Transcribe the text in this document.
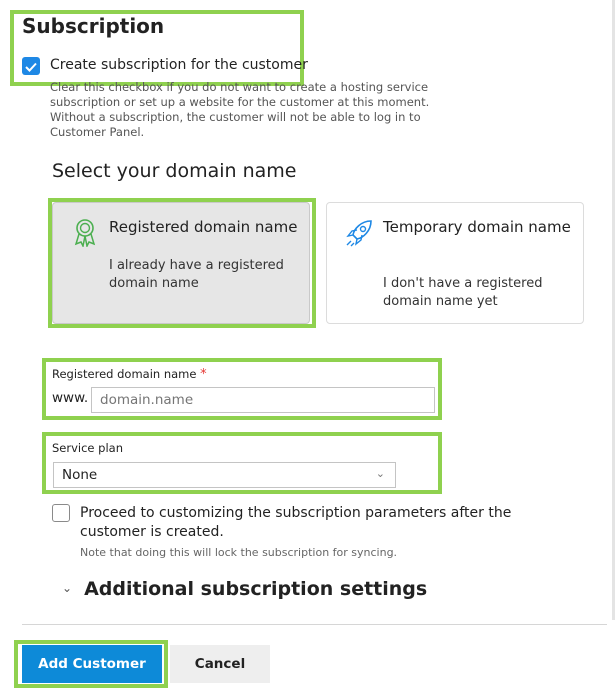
Subscription
Create subscription for the customer
Clear this checkbox if you do not want to create a hosting service subscription or set up a website for the customer at this moment. Without a subscription, the customer will not be able to log in to Customer Panel.
Select your domain name
Registered domain name
I already have a registered domain name
Temporary domain name
I don't have a registered domain name yet
Registered domain name *
www.
domain.name
Service plan
None	⌄
Proceed to customizing the subscription parameters after the customer is created.
Note that doing this will lock the subscription for syncing.
⌄ Additional subscription settings
Add Customer	Cancel
